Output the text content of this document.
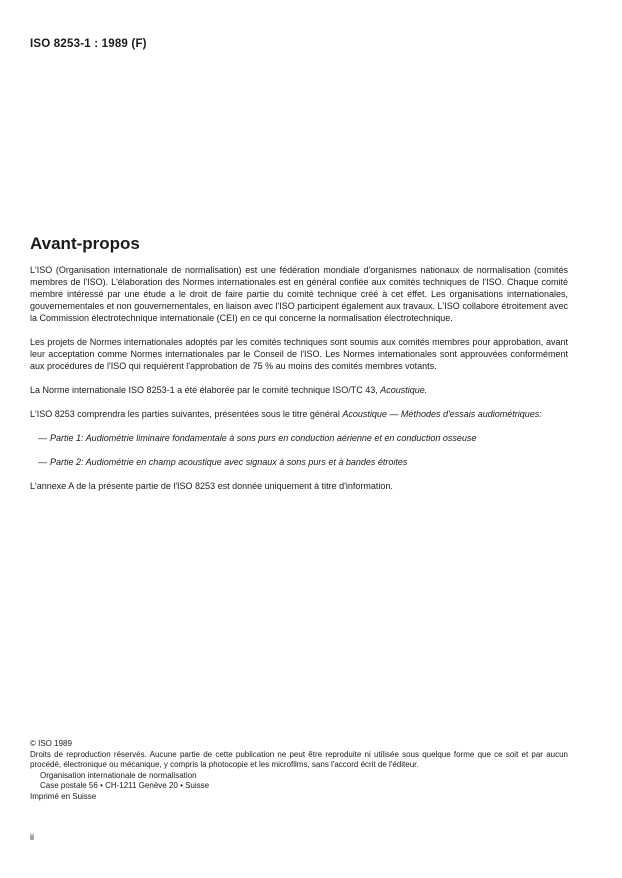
ISO 8253-1 : 1989 (F)
Avant-propos

L'ISO (Organisation internationale de normalisation) est une fédération mondiale d'organismes nationaux de normalisation (comités membres de l'ISO). L'élaboration des Normes internationales est en général confiée aux comités techniques de l'ISO. Chaque comité membre intéressé par une étude a le droit de faire partie du comité technique créé à cet effet. Les organisations internationales, gouvernementales et non gouvernementales, en liaison avec l'ISO participent également aux travaux. L'ISO collabore étroitement avec la Commission électrotechnique internationale (CEI) en ce qui concerne la normalisation électrotechnique.

Les projets de Normes internationales adoptés par les comités techniques sont soumis aux comités membres pour approbation, avant leur acceptation comme Normes internationales par le Conseil de l'ISO. Les Normes internationales sont approuvées conformément aux procédures de l'ISO qui requièrent l'approbation de 75 % au moins des comités membres votants.

La Norme internationale ISO 8253-1 a été élaborée par le comité technique ISO/TC 43, Acoustique.

L'ISO 8253 comprendra les parties suivantes, présentées sous le titre général Acoustique — Méthodes d'essais audiométriques:

— Partie 1: Audiométrie liminaire fondamentale à sons purs en conduction aérienne et en conduction osseuse

— Partie 2: Audiométrie en champ acoustique avec signaux à sons purs et à bandes étroites

L'annexe A de la présente partie de l'ISO 8253 est donnée uniquement à titre d'information.

© ISO 1989

Droits de reproduction réservés. Aucune partie de cette publication ne peut être reproduite ni utilisée sous quelque forme que ce soit et par aucun procédé, électronique ou mécanique, y compris la photocopie et les microfilms, sans l'accord écrit de l'éditeur.

Organisation internationale de normalisation

Case postale 56 • CH-1211 Genève 20 • Suisse

Imprimé en Suisse

ii
